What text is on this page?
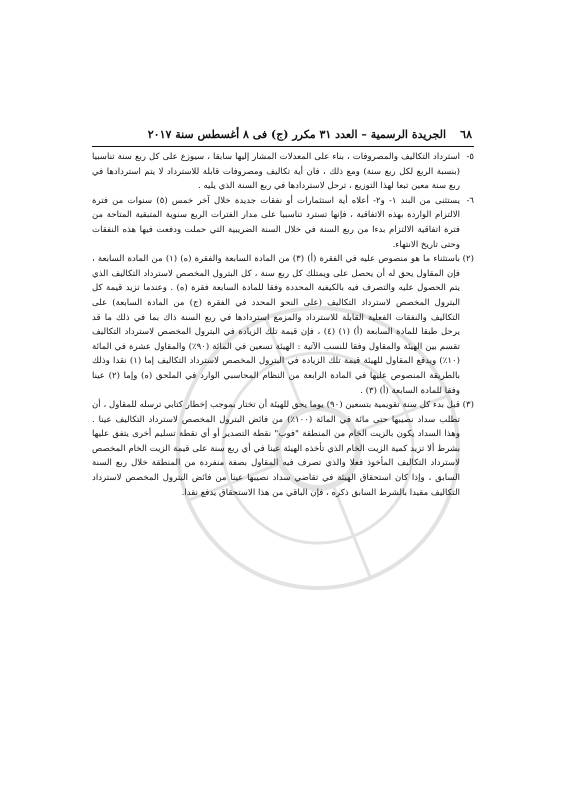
٦٨
الجريدة الرسمية – العدد ٣١ مكرر (ج) فى ٨ أغسطس سنة ٢٠١٧
٥-

استرداد التكاليف والمصروفات ، بناء على المعدلات المشار إليها سابقا ، سيوزع على كل ربع سنة تناسبيا (بنسبة الربع لكل ربع سنة) ومع ذلك ، فان أية تكاليف ومصروفات قابلة للاسترداد لا يتم استردادها في ربع سنة معين تبعا لهذا التوزيع ، ترحل لاستردادها في ربع السنة الذي يليه .

٦-

يستثنى من البند ١- و٢- أعلاه أية استثمارات أو نفقات جديدة خلال آخر خمس (٥) سنوات من فترة الالتزام الواردة بهذه الاتفاقية ، فإنها تسترد تناسبيا على مدار الفترات الربع سنوية المتبقية المتاحة من فترة اتفاقية الالتزام بدءا من ربع السنة في خلال السنة الضريبية التي حملت ودفعت فيها هذه النفقات وحتى تاريخ الانتهاء.

(٢)

باستثناء ما هو منصوص عليه في الفقرة (أ) (٣) من المادة السابعة والفقرة (ه) (١) من المادة السابعة ، فإن المقاول يحق له أن يحصل على ويمتلك كل ربع سنة ، كل البترول المخصص لاسترداد التكاليف الذي يتم الحصول عليه والتصرف فيه بالكيفية المحددة وفقا للمادة السابعة فقرة (ه) . وعندما تزيد قيمة كل البترول المخصص لاسترداد التكاليف (على النحو المحدد في الفقرة (ج) من المادة السابعة) على التكاليف والنفقات الفعلية القابلة للاسترداد والمزمع استردادها في ربع السنة ذاك بما في ذلك ما قد يرحل طبقا للمادة السابعة (أ) (١) (٤) ، فإن قيمة تلك الزيادة في البترول المخصص لاسترداد التكاليف تقسم بين الهيئة والمقاول وفقا للنسب الآتية : الهيئة تسعين في المائة (٩٠٪) والمقاول عشرة في المائة (١٠٪) ويدفع المقاول للهيئة قيمة تلك الزيادة في البترول المخصص لاسترداد التكاليف إما (١) نقدا وذلك بالطريقة المنصوص عليها في المادة الرابعة من النظام المحاسبي الوارد في الملحق (ه) وإما (٢) عينا وفقا للمادة السابعة (أ) (٣) .

(٣)

قبل بدء كل سنة تقويمية بتسعين (٩٠) يوما يحق للهيئة أن تختار بموجب إخطار كتابي ترسله للمقاول ، أن تطلب سداد نصيبها حتى مائة في المائة (١٠٠٪) من فائض البترول المخصص لاسترداد التكاليف عينا . وهذا السداد يكون بالزيت الخام من المنطقة "فوب" نقطة التصدير أو أي نقطة تسليم أخرى يتفق عليها بشرط ألا تزيد كمية الزيت الخام الذي تأخذه الهيئة عينا في أي ربع سنة على قيمة الزيت الخام المخصص لاسترداد التكاليف المأخوذ فعلا والذي تصرف فيه المقاول بصفة منفردة من المنطقة خلال ربع السنة السابق ، وإذا كان استحقاق الهيئة في تقاضي سداد نصيبها عينا من فائض البترول المخصص لاسترداد التكاليف مقيدا بالشرط السابق ذكره ، فإن الباقي من هذا الاستحقاق يدفع نقدا.
